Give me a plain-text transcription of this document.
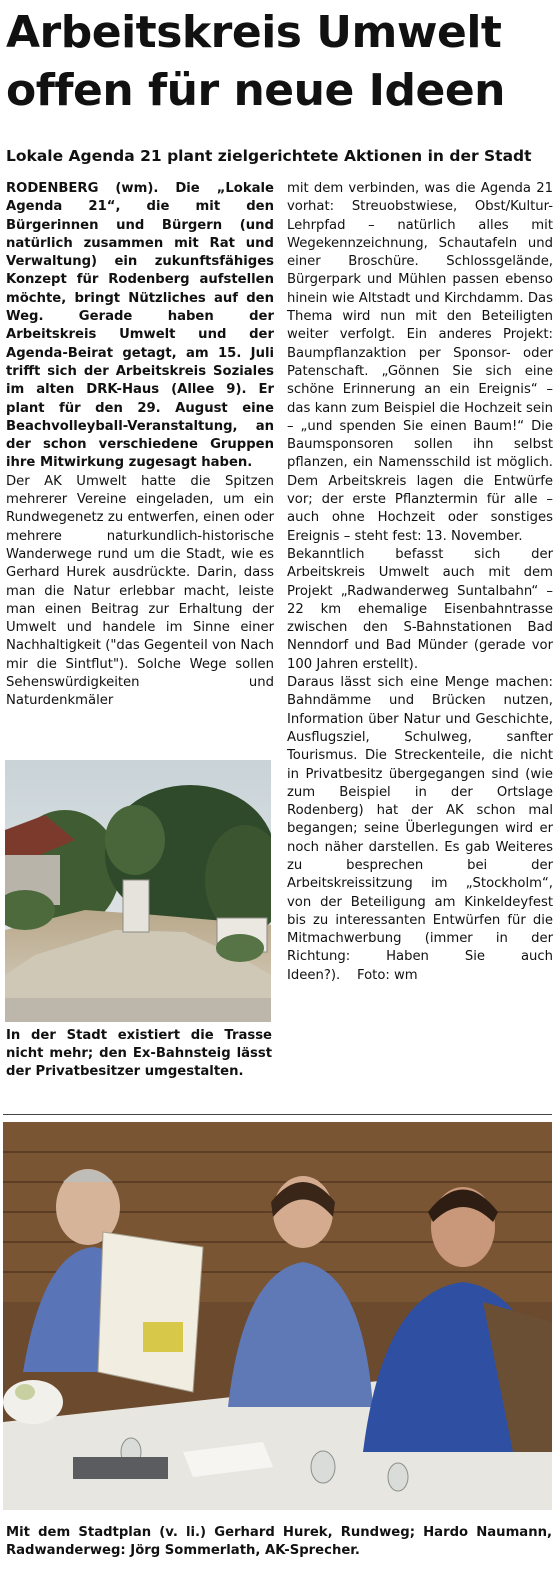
Arbeitskreis Umwelt
offen für neue Ideen

Lokale Agenda 21 plant zielgerichtete Aktionen in der Stadt

RODENBERG (wm). Die „Lokale Agenda 21“, die mit den Bürgerinnen und Bürgern (und natürlich zusammen mit Rat und Verwaltung) ein zukunftsfähiges Konzept für Rodenberg aufstellen möchte, bringt Nützliches auf den Weg. Gerade haben der Arbeitskreis Umwelt und der Agenda-Beirat getagt, am 15. Juli trifft sich der Arbeitskreis Soziales im alten DRK-Haus (Allee 9). Er plant für den 29. August eine Beachvolleyball-Veranstaltung, an der schon verschiedene Gruppen ihre Mitwirkung zugesagt haben.

Der AK Umwelt hatte die Spitzen mehrerer Vereine eingeladen, um ein Rundwegenetz zu entwerfen, einen oder mehrere naturkundlich-historische Wanderwege rund um die Stadt, wie es Gerhard Hurek ausdrückte. Darin, dass man die Natur erlebbar macht, leiste man einen Beitrag zur Erhaltung der Umwelt und handele im Sinne einer Nachhaltigkeit ("das Gegenteil von Nach mir die Sintflut"). Solche Wege sollen Sehenswürdigkeiten und Naturdenkmäler

In der Stadt existiert die Trasse nicht mehr; den Ex-Bahnsteig lässt der Privatbesitzer umgestalten.

mit dem verbinden, was die Agenda 21 vorhat: Streuobstwiese, Obst/Kultur-Lehrpfad – natürlich alles mit Wegekennzeichnung, Schautafeln und einer Broschüre. Schlossgelände, Bürgerpark und Mühlen passen ebenso hinein wie Altstadt und Kirchdamm. Das Thema wird nun mit den Beteiligten weiter verfolgt. Ein anderes Projekt: Baumpflanzaktion per Sponsor- oder Patenschaft. „Gönnen Sie sich eine schöne Erinnerung an ein Ereignis“ – das kann zum Beispiel die Hochzeit sein – „und spenden Sie einen Baum!“ Die Baumsponsoren sollen ihn selbst pflanzen, ein Namensschild ist möglich. Dem Arbeitskreis lagen die Entwürfe vor; der erste Pflanztermin für alle – auch ohne Hochzeit oder sonstiges Ereignis – steht fest: 13. November.

Bekanntlich befasst sich der Arbeitskreis Umwelt auch mit dem Projekt „Radwanderweg Suntalbahn“ – 22 km ehemalige Eisenbahntrasse zwischen den S-Bahnstationen Bad Nenndorf und Bad Münder (gerade vor 100 Jahren erstellt).

Daraus lässt sich eine Menge machen: Bahndämme und Brücken nutzen, Information über Natur und Geschichte, Ausflugsziel, Schulweg, sanfter Tourismus. Die Streckenteile, die nicht in Privatbesitz übergegangen sind (wie zum Beispiel in der Ortslage Rodenberg) hat der AK schon mal begangen; seine Überlegungen wird er noch näher darstellen. Es gab Weiteres zu besprechen bei der Arbeitskreissitzung im „Stockholm“, von der Beteiligung am Kinkeldeyfest bis zu interessanten Entwürfen für die Mitmachwerbung (immer in der Richtung: Haben Sie auch Ideen?). Foto: wm

Mit dem Stadtplan (v. li.) Gerhard Hurek, Rundweg; Hardo Naumann, Radwanderweg: Jörg Sommerlath, AK-Sprecher.
